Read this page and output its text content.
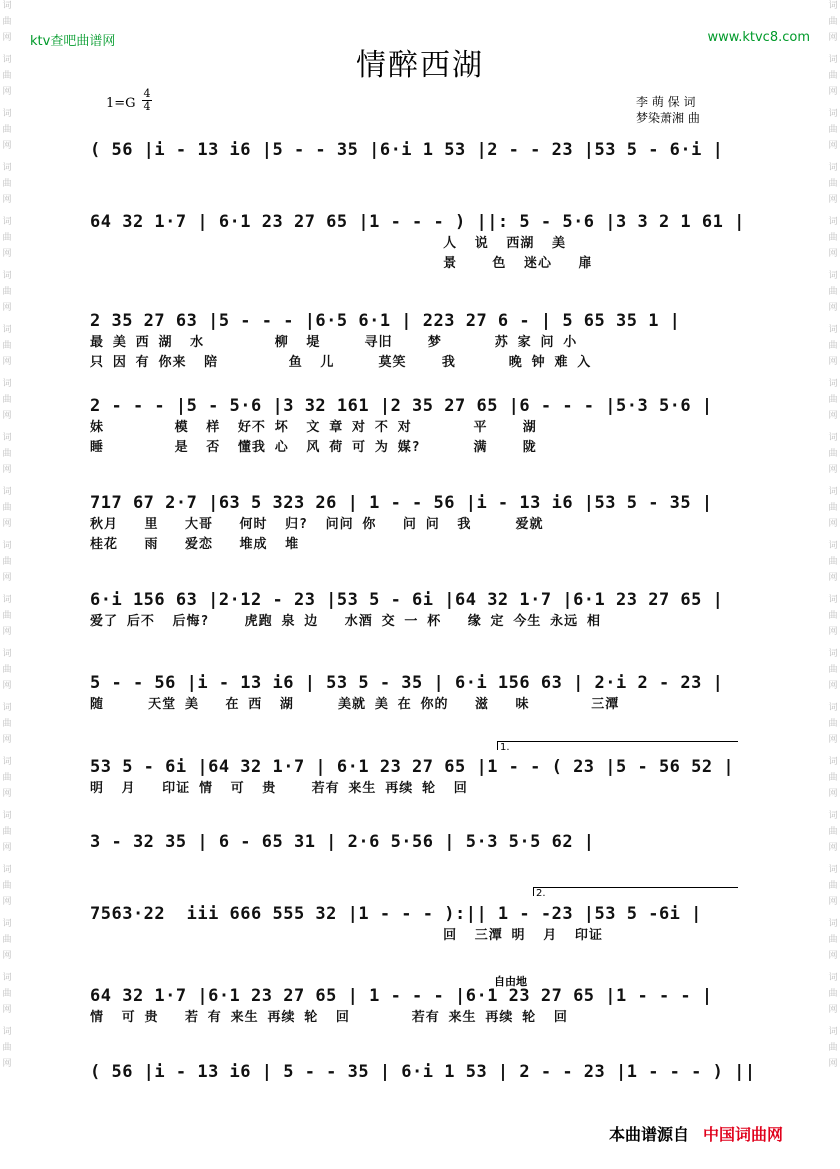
词
曲
网
词
曲
网
词
曲
网
词
曲
网
词
曲
网
词
曲
网
词
曲
网
词
曲
网
词
曲
网
词
曲
网
词
曲
网
词
曲
网
词
曲
网
词
曲
网
词
曲
网
词
曲
网
词
曲
网
词
曲
网
词
曲
网
词
曲
网
词
曲
网
词
曲
网
词
曲
网
词
曲
网
词
曲
网
词
曲
网
词
曲
网
词
曲
网
词
曲
网
词
曲
网
词
曲
网
词
曲
网
词
曲
网
词
曲
网
词
曲
网
词
曲
网
词
曲
网
词
曲
网
词
曲
网
词
曲
网
ktv查吧曲谱网	www.ktvc8.com
情醉西湖
1=G
4
4	李 萌 保 词
梦染萧湘 曲
( 56 |i - 13 i6 |5 - - 35 |6·i 1 53 |2 - - 23 |53 5 - 6·i |
64 32 1·7 | 6·1 23 27 65 |1 - - - ) ||: 5 - 5·6 |3 3 2 1 61 |
人  说  西湖  美
景    色  迷心   扉
2 35 27 63 |5 - - - |6·5 6·1 | 223 27 6 - | 5 65 35 1 |
最 美 西 湖  水        柳  堤     寻旧    梦      苏 家 问 小
只 因 有 你来  陪        鱼  儿     莫笑    我      晚 钟 难 入
2 - - - |5 - 5·6 |3 32 161 |2 35 27 65 |6 - - - |5·3 5·6 |
妹        模  样  好不 坏  文 章 对 不 对       平    湖
睡        是  否  懂我 心  风 荷 可 为 媒?      满    陇
717 67 2·7 |63 5 323 26 | 1 - - 56 |i - 13 i6 |53 5 - 35 |
秋月   里   大哥   何时  归?  问问 你   问 问  我     爱就
桂花   雨   爱恋   堆成  堆
6·i 156 63 |2·12 - 23 |53 5 - 6i |64 32 1·7 |6·1 23 27 65 |
爱了 后不  后悔?    虎跑 泉 边   水酒 交 一 杯   缘 定 今生 永远 相
5 - - 56 |i - 13 i6 | 53 5 - 35 | 6·i 156 63 | 2·i 2 - 23 |
随     天堂 美   在 西  湖     美就 美 在 你的   滋   味       三潭
53 5 - 6i |64 32 1·7 | 6·1 23 27 65 |1 - - ( 23 |5 - 56 52 |
明  月   印证 情  可  贵    若有 来生 再续 轮  回
3 - 32 35 | 6 - 65 31 | 2·6 5·56 | 5·3 5·5 62 |
7563·22  iii 666 555 32 |1 - - - ):|| 1 - -23 |53 5 -6i |
回  三潭 明  月  印证
64 32 1·7 |6·1 23 27 65 | 1 - - - |6·1 23 27 65 |1 - - - |
情  可 贵   若 有 来生 再续 轮  回       若有 来生 再续 轮  回
( 56 |i - 13 i6 | 5 - - 35 | 6·i 1 53 | 2 - - 23 |1 - - - ) ||
1.
2.
自由地
本曲谱源自 中国词曲网
